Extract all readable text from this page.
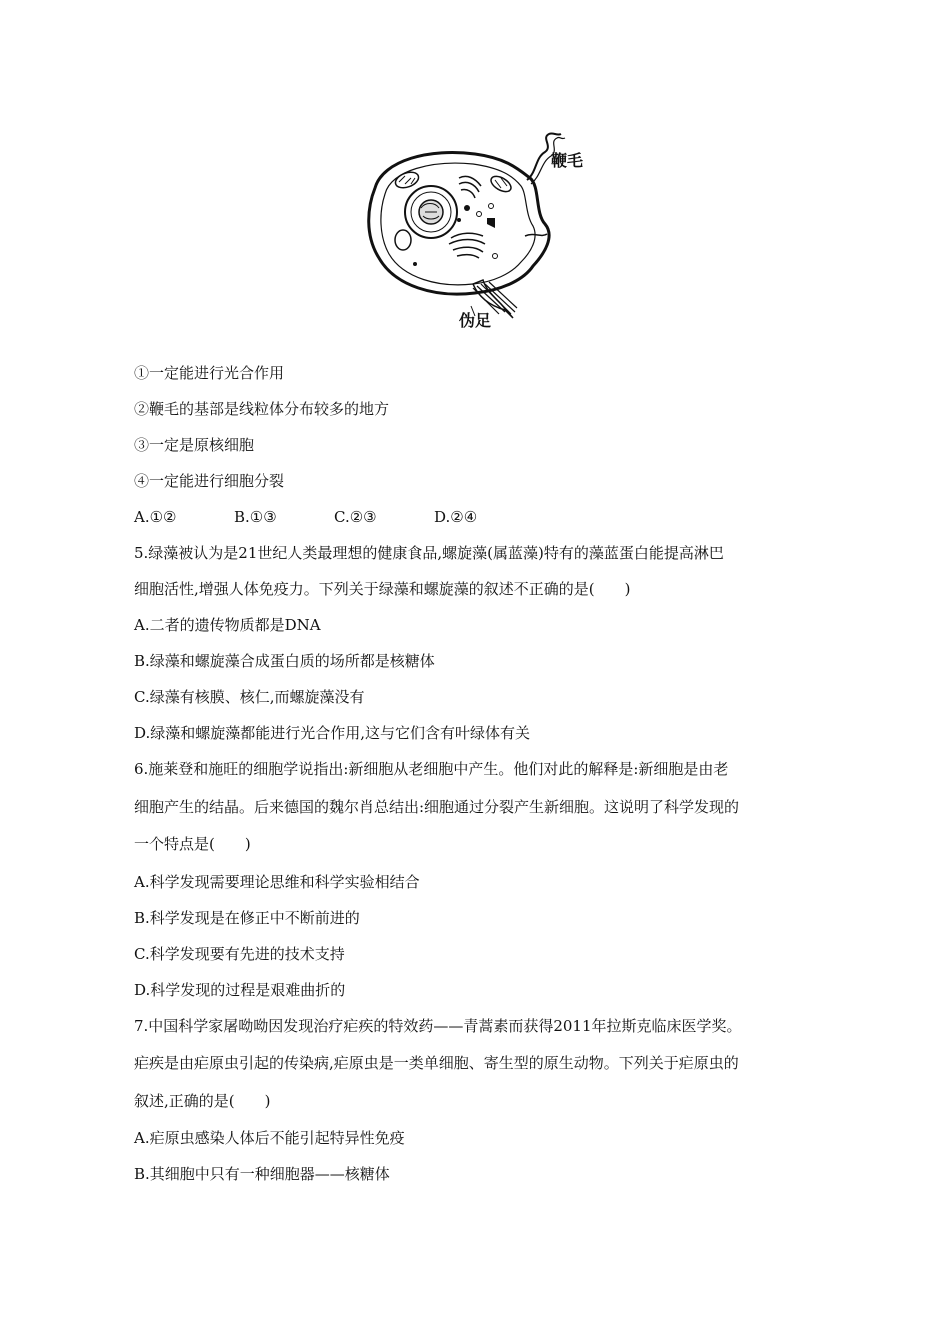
鞭毛
伪足
①一定能进行光合作用
②鞭毛的基部是线粒体分布较多的地方
③一定是原核细胞
④一定能进行细胞分裂
A.①②	B.①③	C.②③	D.②④
5.绿藻被认为是21世纪人类最理想的健康食品,螺旋藻(属蓝藻)特有的藻蓝蛋白能提高淋巴
细胞活性,增强人体免疫力。下列关于绿藻和螺旋藻的叙述不正确的是(　　)
A.二者的遗传物质都是DNA
B.绿藻和螺旋藻合成蛋白质的场所都是核糖体
C.绿藻有核膜、核仁,而螺旋藻没有
D.绿藻和螺旋藻都能进行光合作用,这与它们含有叶绿体有关
6.施莱登和施旺的细胞学说指出:新细胞从老细胞中产生。他们对此的解释是:新细胞是由老
细胞产生的结晶。后来德国的魏尔肖总结出:细胞通过分裂产生新细胞。这说明了科学发现的
一个特点是(　　)
A.科学发现需要理论思维和科学实验相结合
B.科学发现是在修正中不断前进的
C.科学发现要有先进的技术支持
D.科学发现的过程是艰难曲折的
7.中国科学家屠呦呦因发现治疗疟疾的特效药——青蒿素而获得2011年拉斯克临床医学奖。
疟疾是由疟原虫引起的传染病,疟原虫是一类单细胞、寄生型的原生动物。下列关于疟原虫的
叙述,正确的是(　　)
A.疟原虫感染人体后不能引起特异性免疫
B.其细胞中只有一种细胞器——核糖体
